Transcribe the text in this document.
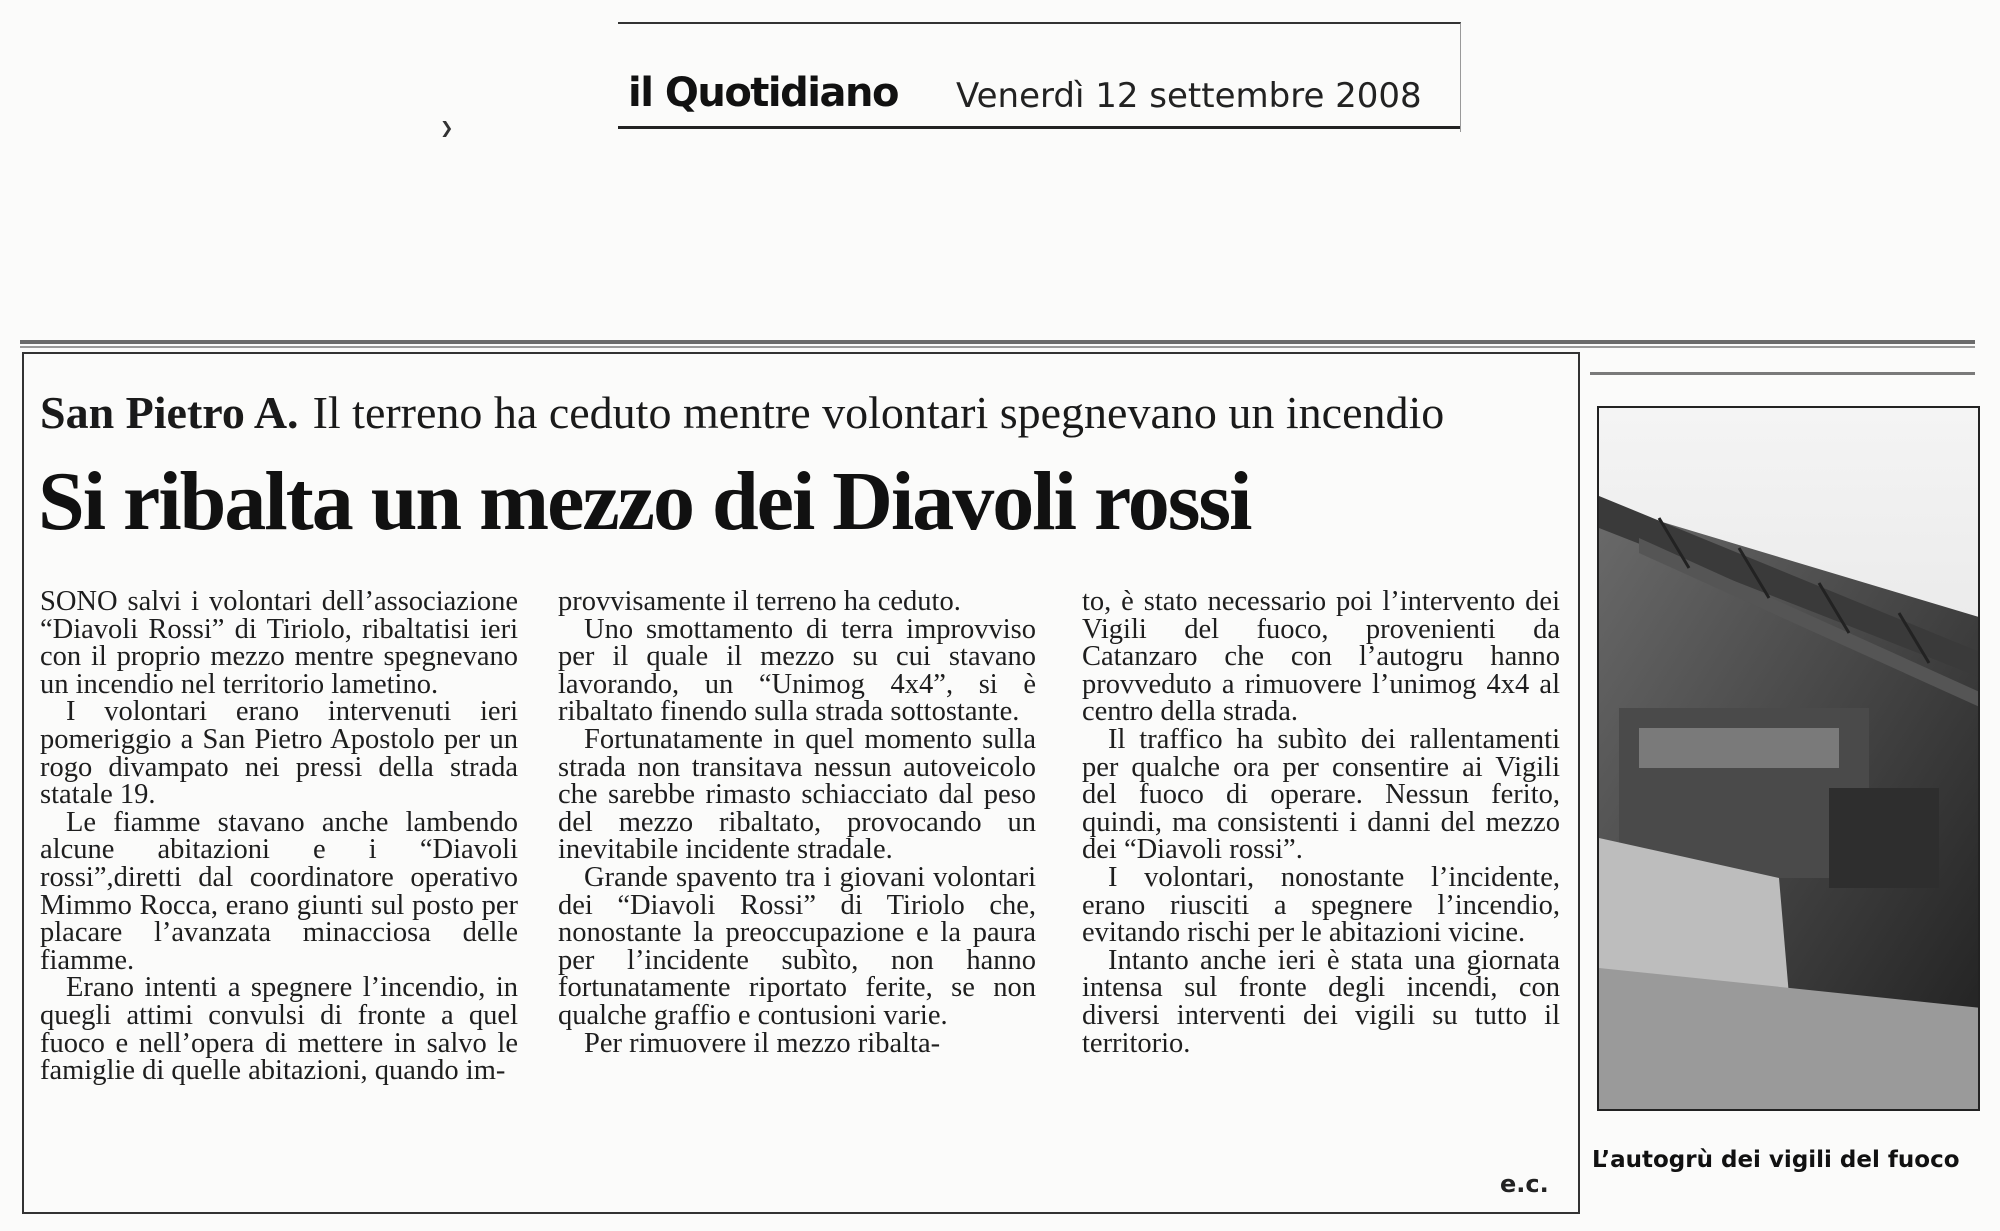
il Quotidiano Venerdì 12 settembre 2008
❯
San Pietro A. Il terreno ha ceduto mentre volontari spegnevano un incendio
Si ribalta un mezzo dei Diavoli rossi

SONO salvi i volontari dell’associazione “Diavoli Rossi” di Tiriolo, ribaltatisi ieri con il proprio mezzo mentre spegnevano un incendio nel territorio lametino.

I volontari erano intervenuti ieri pomeriggio a San Pietro Apostolo per un rogo divampato nei pressi della strada statale 19.

Le fiamme stavano anche lambendo alcune abitazioni e i “Diavoli rossi”,diretti dal coordinatore operativo Mimmo Rocca, erano giunti sul posto per placare l’avanzata minacciosa delle fiamme.

Erano intenti a spegnere l’incendio, in quegli attimi convulsi di fronte a quel fuoco e nell’opera di mettere in salvo le famiglie di quelle abitazioni, quando im-

provvisamente il terreno ha ceduto.

Uno smottamento di terra improvviso per il quale il mezzo su cui stavano lavorando, un “Unimog 4x4”, si è ribaltato finendo sulla strada sottostante.

Fortunatamente in quel momento sulla strada non transitava nessun autoveicolo che sarebbe rimasto schiacciato dal peso del mezzo ribaltato, provocando un inevitabile incidente stradale.

Grande spavento tra i giovani volontari dei “Diavoli Rossi” di Tiriolo che, nonostante la preoccupazione e la paura per l’incidente subìto, non hanno fortunatamente riportato ferite, se non qualche graffio e contusioni varie.

Per rimuovere il mezzo ribalta-

to, è stato necessario poi l’intervento dei Vigili del fuoco, provenienti da Catanzaro che con l’autogru hanno provveduto a rimuovere l’unimog 4x4 al centro della strada.

Il traffico ha subìto dei rallentamenti per qualche ora per consentire ai Vigili del fuoco di operare. Nessun ferito, quindi, ma consistenti i danni del mezzo dei “Diavoli rossi”.

I volontari, nonostante l’incidente, erano riusciti a spegnere l’incendio, evitando rischi per le abitazioni vicine.

Intanto anche ieri è stata una giornata intensa sul fronte degli incendi, con diversi interventi dei vigili su tutto il territorio.

e.c.
L’autogrù dei vigili del fuoco
